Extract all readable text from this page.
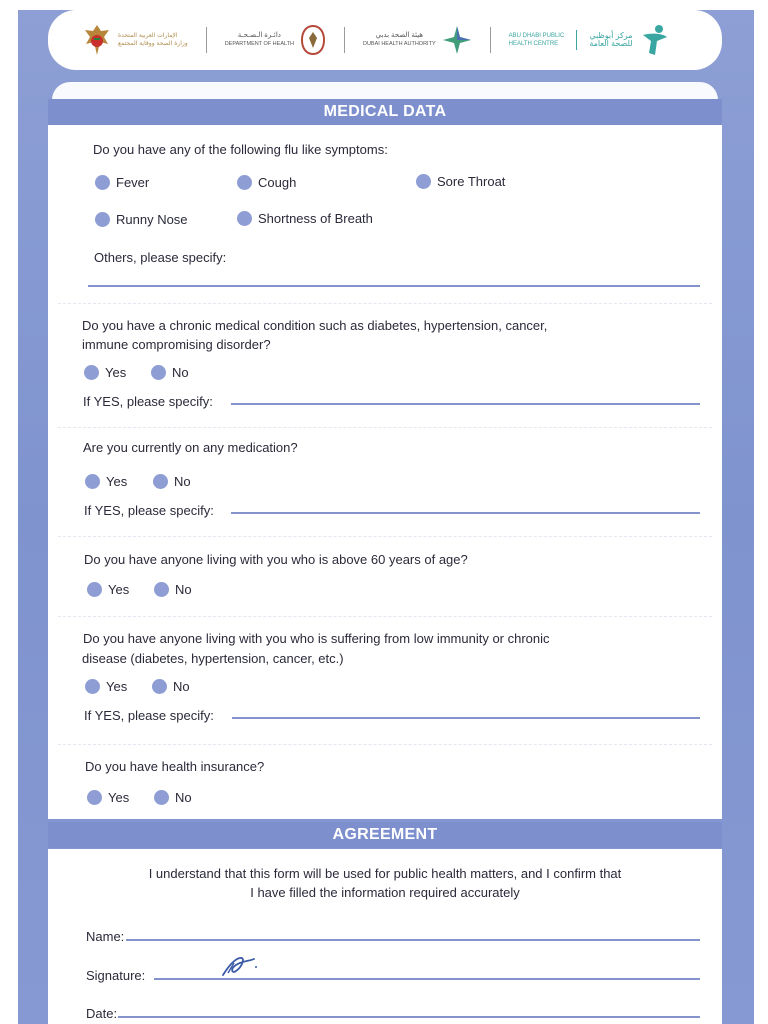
الإمارات العربية المتحدة
وزارة الصحة ووقاية المجتمع
دائـرة الـصـحـة
DEPARTMENT OF HEALTH
هيئة الصحة بدبي
DUBAI HEALTH AUTHORITY
ABU DHABI PUBLIC
HEALTH CENTRE
مركز أبوظبي
للصحة العامة
MEDICAL DATA
Do you have any of the following flu like symptoms:
Fever	Cough	Sore Throat
Runny Nose	Shortness of Breath
Others, please specify:
Do you have a chronic medical condition such as diabetes, hypertension, cancer,
immune compromising disorder?
Yes	No
If YES, please specify:
Are you currently on any medication?
Yes	No
If YES, please specify:
Do you have anyone living with you who is above 60 years of age?
Yes	No
Do you have anyone living with you who is suffering from low immunity or chronic
disease (diabetes, hypertension, cancer, etc.)
Yes	No
If YES, please specify:
Do you have health insurance?
Yes	No
AGREEMENT
I understand that this form will be used for public health matters, and I confirm that
I have filled the information required accurately
Name:
Signature:
Date:
